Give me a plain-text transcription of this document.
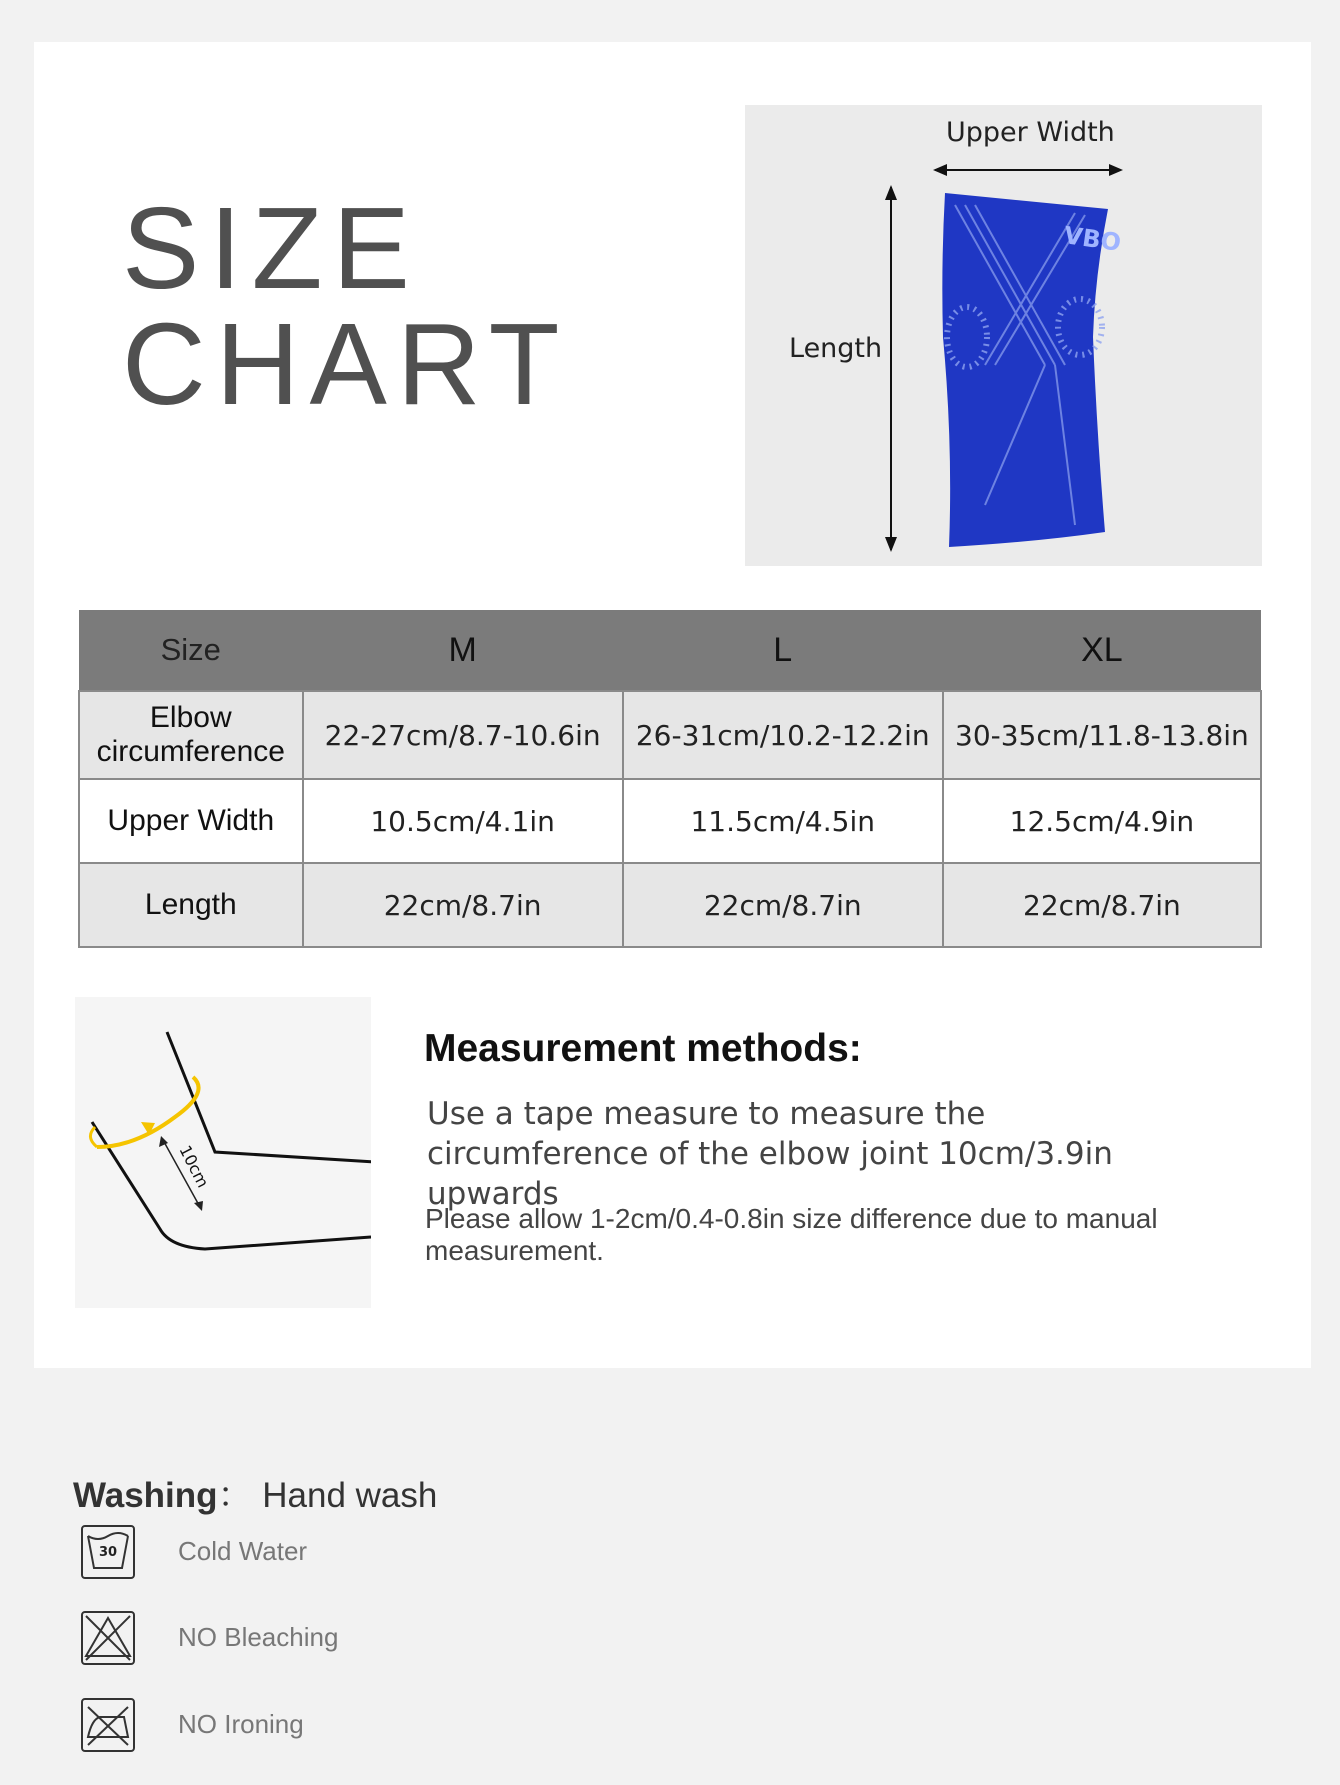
SIZE
CHART
Upper Width
Length
VBO
Size	M	L	XL
Elbow circumference	22-27cm/8.7-10.6in	26-31cm/10.2-12.2in	30-35cm/11.8-13.8in
Upper Width	10.5cm/4.1in	11.5cm/4.5in	12.5cm/4.9in
Length	22cm/8.7in	22cm/8.7in	22cm/8.7in
10cm
Measurement methods:

Use a tape measure to measure the circumference of the elbow joint 10cm/3.9in upwards

Please allow 1-2cm/0.4-0.8in size difference due to manual measurement.

Washing： Hand wash
30 Cold Water
NO Bleaching
NO Ironing
